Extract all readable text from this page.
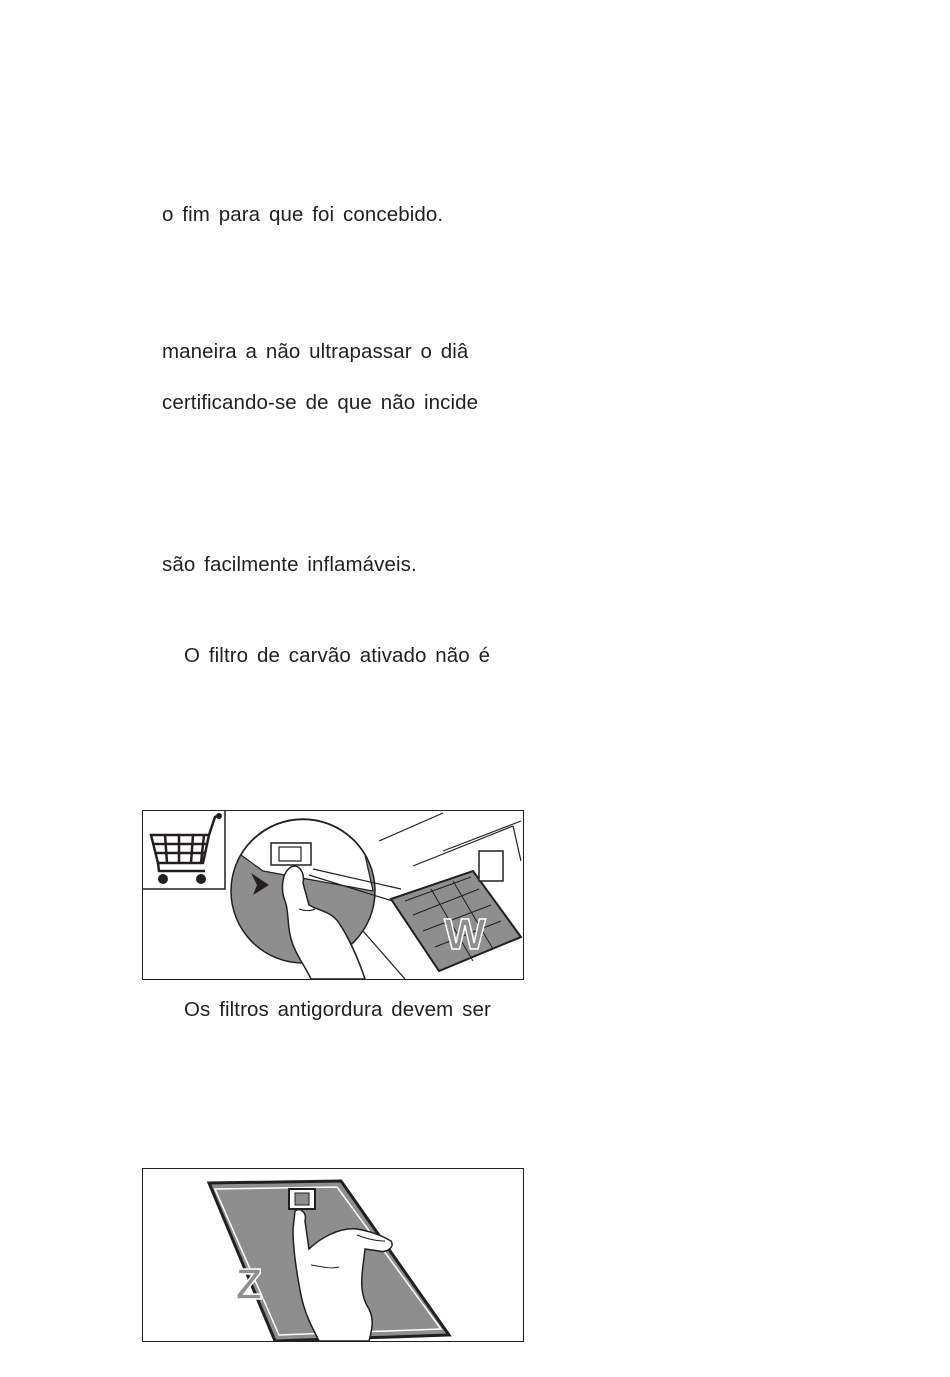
o fim para que foi concebido.
maneira a não ultrapassar o diâ
certificando-se de que não incide
são facilmente inflamáveis.
O filtro de carvão ativado não é
W
Os filtros antigordura devem ser
Z
